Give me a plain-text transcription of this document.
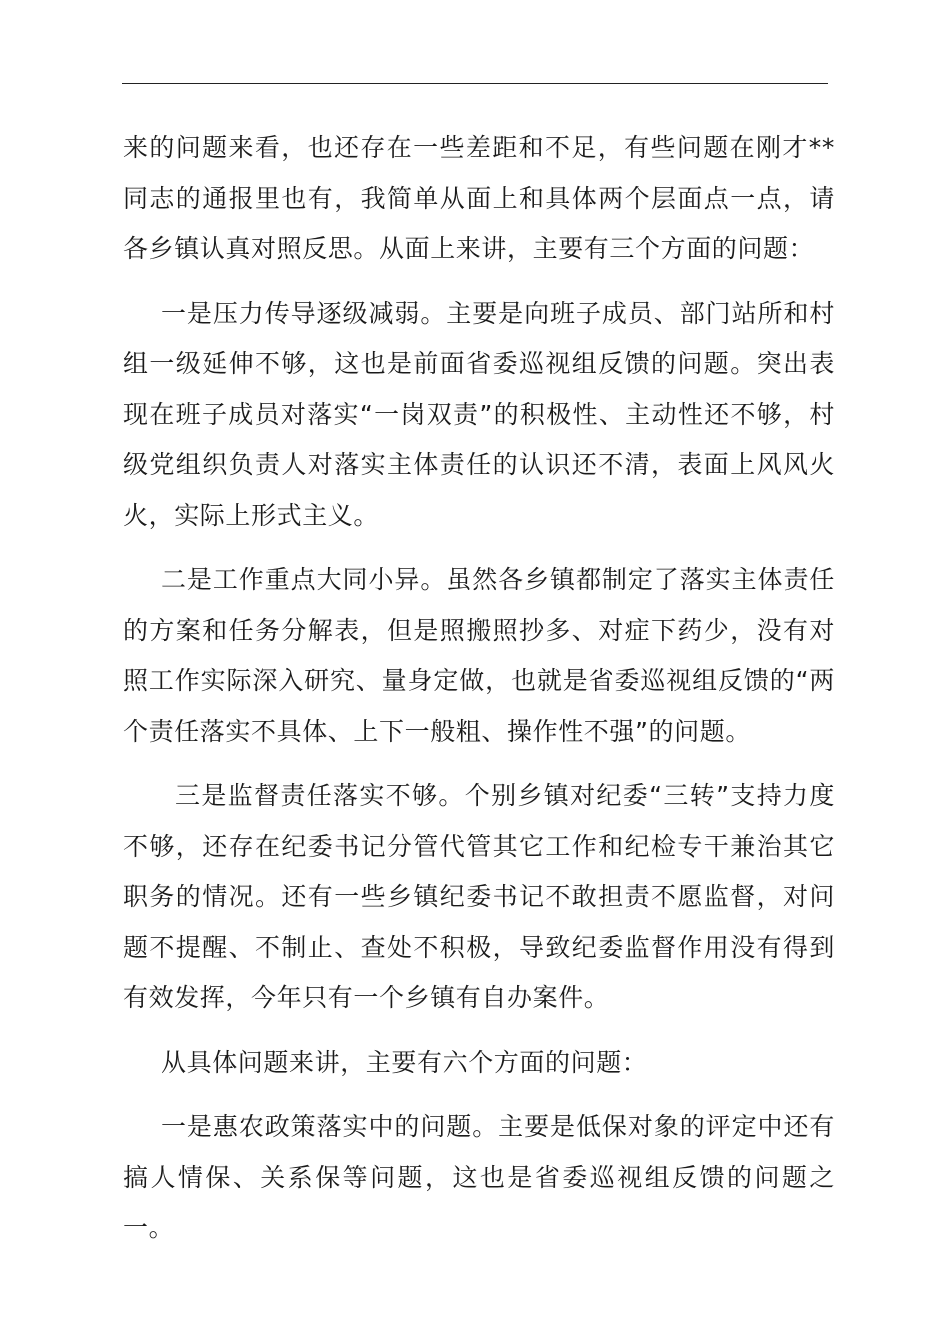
来的问题来看，也还存在一些差距和不足，有些问题在刚才**同志的通报里也有，我简单从面上和具体两个层面点一点，请各乡镇认真对照反思。从面上来讲，主要有三个方面的问题：

一是压力传导逐级减弱。主要是向班子成员、部门站所和村组一级延伸不够，这也是前面省委巡视组反馈的问题。突出表现在班子成员对落实“一岗双责”的积极性、主动性还不够，村级党组织负责人对落实主体责任的认识还不清，表面上风风火火，实际上形式主义。

二是工作重点大同小异。虽然各乡镇都制定了落实主体责任的方案和任务分解表，但是照搬照抄多、对症下药少，没有对照工作实际深入研究、量身定做，也就是省委巡视组反馈的“两个责任落实不具体、上下一般粗、操作性不强”的问题。

三是监督责任落实不够。个别乡镇对纪委“三转”支持力度不够，还存在纪委书记分管代管其它工作和纪检专干兼治其它职务的情况。还有一些乡镇纪委书记不敢担责不愿监督，对问题不提醒、不制止、查处不积极，导致纪委监督作用没有得到有效发挥，今年只有一个乡镇有自办案件。

从具体问题来讲，主要有六个方面的问题：

一是惠农政策落实中的问题。主要是低保对象的评定中还有搞人情保、关系保等问题，这也是省委巡视组反馈的问题之一。
